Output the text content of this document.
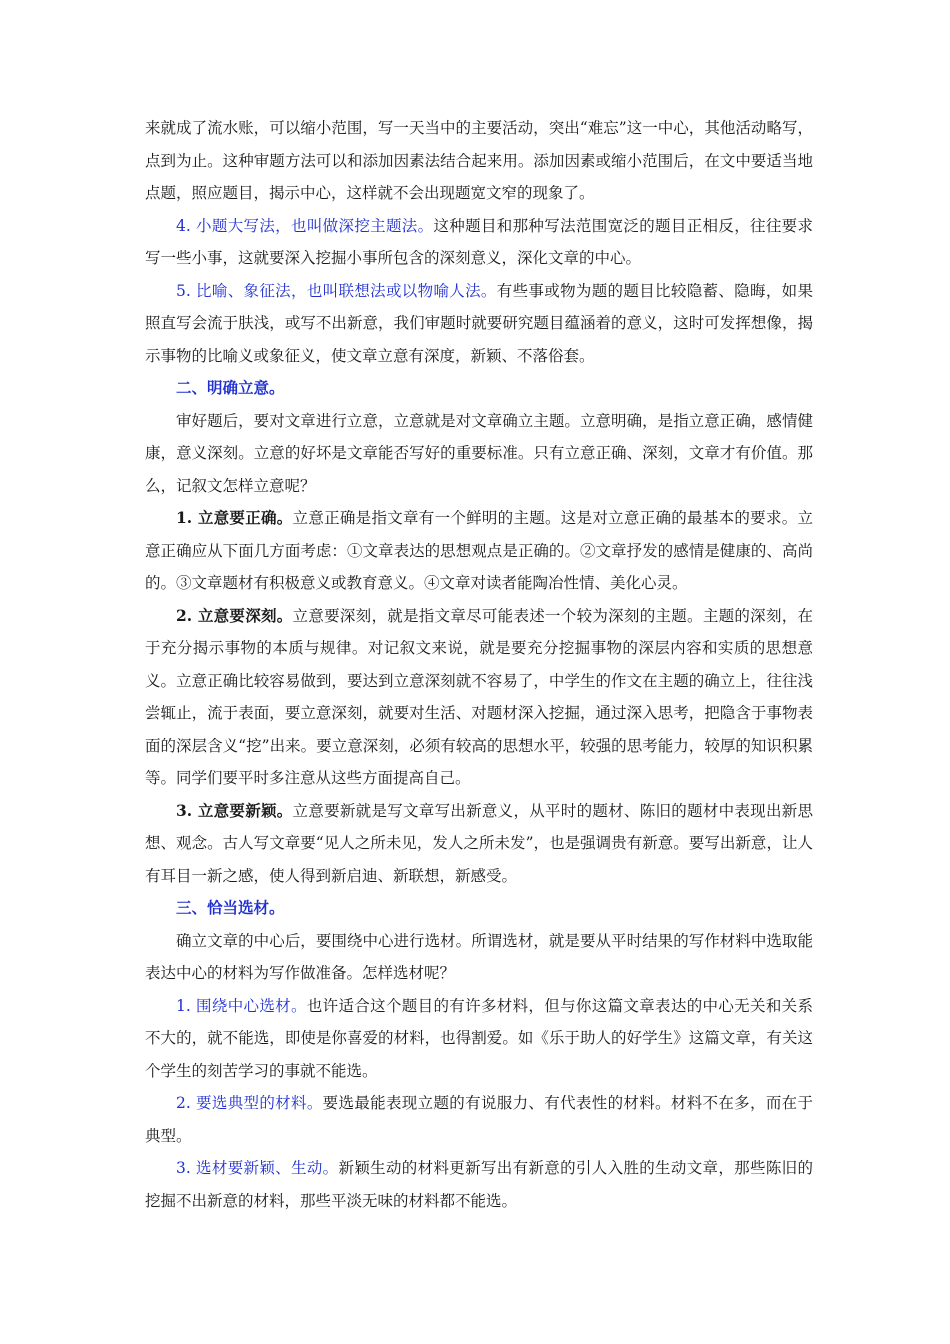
来就成了流水账，可以缩小范围，写一天当中的主要活动，突出“难忘”这一中心，其他活动略写，点到为止。这种审题方法可以和添加因素法结合起来用。添加因素或缩小范围后，在文中要适当地点题，照应题目，揭示中心，这样就不会出现题宽文窄的现象了。

4. 小题大写法，也叫做深挖主题法。这种题目和那种写法范围宽泛的题目正相反，往往要求写一些小事，这就要深入挖掘小事所包含的深刻意义，深化文章的中心。

5. 比喻、象征法，也叫联想法或以物喻人法。有些事或物为题的题目比较隐蓄、隐晦，如果照直写会流于肤浅，或写不出新意，我们审题时就要研究题目蕴涵着的意义，这时可发挥想像，揭示事物的比喻义或象征义，使文章立意有深度，新颖、不落俗套。

二、明确立意。

审好题后，要对文章进行立意，立意就是对文章确立主题。立意明确，是指立意正确，感情健康，意义深刻。立意的好坏是文章能否写好的重要标准。只有立意正确、深刻，文章才有价值。那么，记叙文怎样立意呢？

1. 立意要正确。立意正确是指文章有一个鲜明的主题。这是对立意正确的最基本的要求。立意正确应从下面几方面考虑：①文章表达的思想观点是正确的。②文章抒发的感情是健康的、高尚的。③文章题材有积极意义或教育意义。④文章对读者能陶冶性情、美化心灵。

2. 立意要深刻。立意要深刻，就是指文章尽可能表述一个较为深刻的主题。主题的深刻，在于充分揭示事物的本质与规律。对记叙文来说，就是要充分挖掘事物的深层内容和实质的思想意义。立意正确比较容易做到，要达到立意深刻就不容易了，中学生的作文在主题的确立上，往往浅尝辄止，流于表面，要立意深刻，就要对生活、对题材深入挖掘，通过深入思考，把隐含于事物表面的深层含义“挖”出来。要立意深刻，必须有较高的思想水平，较强的思考能力，较厚的知识积累等。同学们要平时多注意从这些方面提高自己。

3. 立意要新颖。立意要新就是写文章写出新意义，从平时的题材、陈旧的题材中表现出新思想、观念。古人写文章要“见人之所未见，发人之所未发”，也是强调贵有新意。要写出新意，让人有耳目一新之感，使人得到新启迪、新联想，新感受。

三、恰当选材。

确立文章的中心后，要围绕中心进行选材。所谓选材，就是要从平时结果的写作材料中选取能表达中心的材料为写作做准备。怎样选材呢？

1. 围绕中心选材。也许适合这个题目的有许多材料，但与你这篇文章表达的中心无关和关系不大的，就不能选，即使是你喜爱的材料，也得割爱。如《乐于助人的好学生》这篇文章，有关这个学生的刻苦学习的事就不能选。

2. 要选典型的材料。要选最能表现立题的有说服力、有代表性的材料。材料不在多，而在于典型。

3. 选材要新颖、生动。新颖生动的材料更新写出有新意的引人入胜的生动文章，那些陈旧的挖掘不出新意的材料，那些平淡无味的材料都不能选。
